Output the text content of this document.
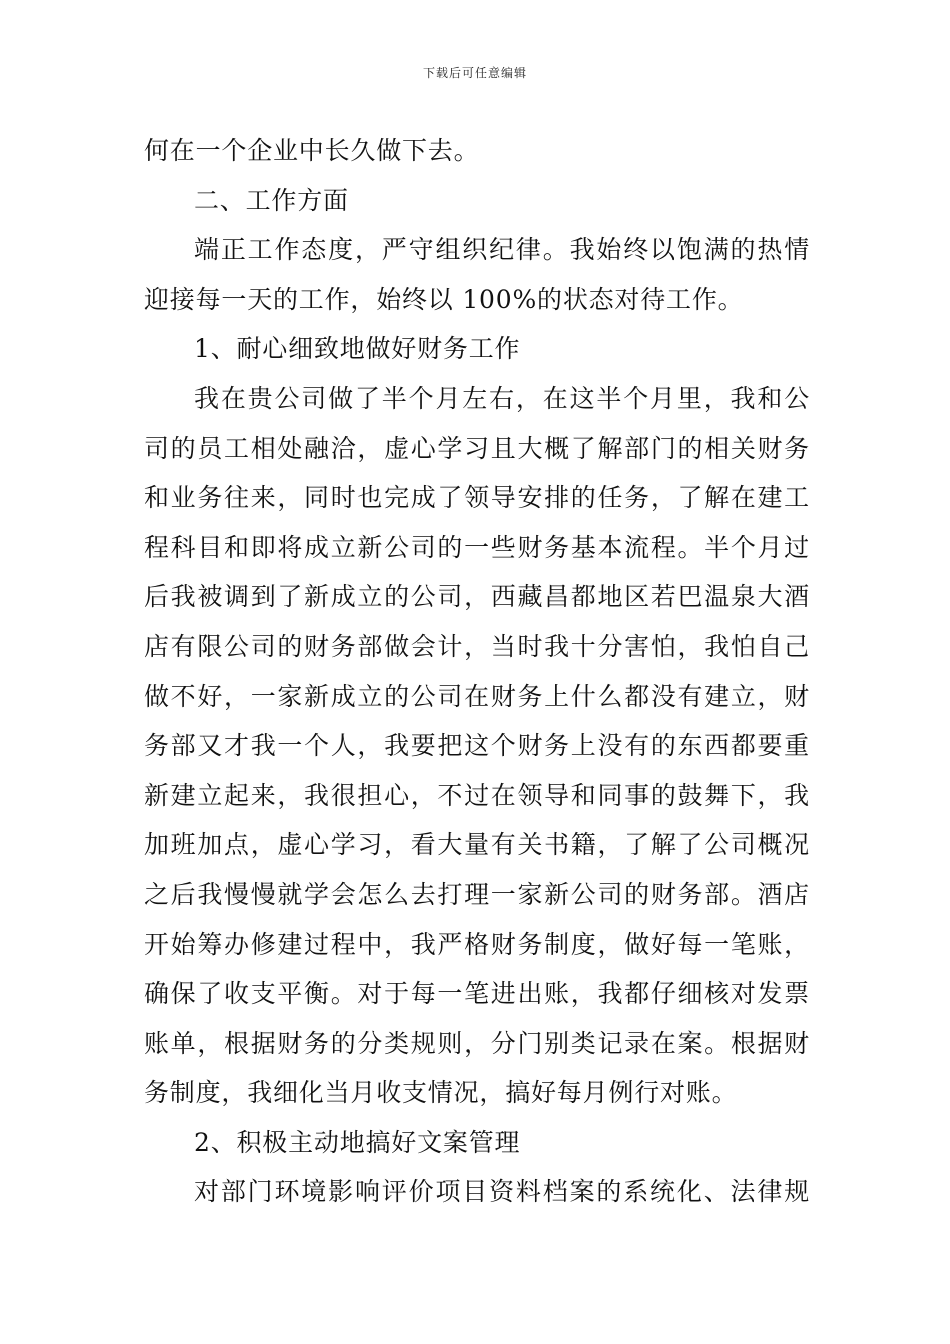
下载后可任意编辑
何在一个企业中长久做下去。
二、工作方面
端正工作态度，严守组织纪律。我始终以饱满的热情
迎接每一天的工作，始终以 100%的状态对待工作。
1、耐心细致地做好财务工作
我在贵公司做了半个月左右，在这半个月里，我和公
司的员工相处融洽，虚心学习且大概了解部门的相关财务
和业务往来，同时也完成了领导安排的任务，了解在建工
程科目和即将成立新公司的一些财务基本流程。半个月过
后我被调到了新成立的公司，西藏昌都地区若巴温泉大酒
店有限公司的财务部做会计，当时我十分害怕，我怕自己
做不好，一家新成立的公司在财务上什么都没有建立，财
务部又才我一个人，我要把这个财务上没有的东西都要重
新建立起来，我很担心，不过在领导和同事的鼓舞下，我
加班加点，虚心学习，看大量有关书籍，了解了公司概况
之后我慢慢就学会怎么去打理一家新公司的财务部。酒店
开始筹办修建过程中，我严格财务制度，做好每一笔账，
确保了收支平衡。对于每一笔进出账，我都仔细核对发票
账单，根据财务的分类规则，分门别类记录在案。根据财
务制度，我细化当月收支情况，搞好每月例行对账。
2、积极主动地搞好文案管理
对部门环境影响评价项目资料档案的系统化、法律规
